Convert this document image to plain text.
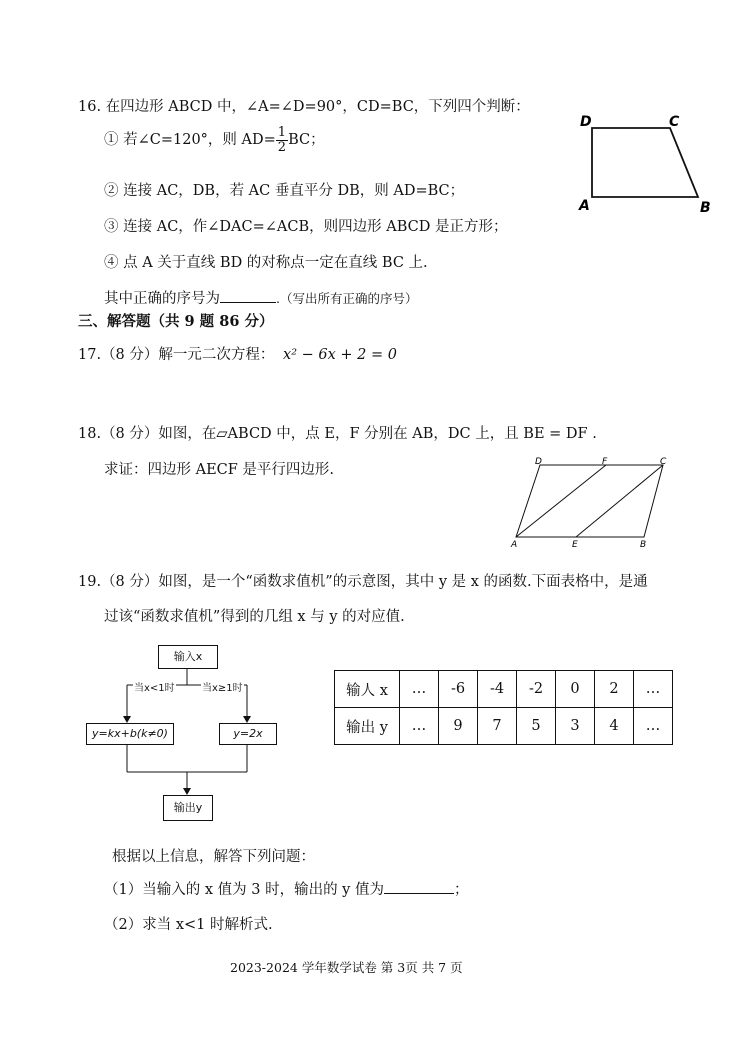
16. 在四边形 ABCD 中，∠A=∠D=90°，CD=BC，下列四个判断：
① 若∠C=120°，则 $AD= \frac{1}{2}$ BC；
② 连接 AC，DB，若 AC 垂直平分 DB，则 AD=BC；
③ 连接 AC，作∠DAC=∠ACB，则四边形 ABCD 是正方形；
④ 点 A 关于直线 BD 的对称点一定在直线 BC 上.
其中正确的序号为	.（写出所有正确的序号）
D	C
A	B
三、解答题（共 9 题 86 分）
17.（8 分）解一元二次方程： x² − 6x + 2 = 0
18.（8 分）如图，在▱ABCD 中，点 E，F 分别在 AB，DC 上，且 BE = DF .
求证：四边形 AECF 是平行四边形.	D	F	C
A	E	B
19.（8 分）如图，是一个“函数求值机”的示意图，其中 y 是 x 的函数.下面表格中，是通
过该“函数求值机”得到的几组 x 与 y 的对应值.
输入x
当x<1时	当x≥1时
y=kx+b(k≠0)	y=2x
输出y
输人 x	…	-6	-4	-2	0	2	…
输出 y	…	9	7	5	3	4	…
根据以上信息，解答下列问题：
（1）当输入的 x 值为 3 时，输出的 y 值为	；
（2）求当 x<1 时解析式.
2023-2024 学年数学试卷 第 3页 共 7 页
